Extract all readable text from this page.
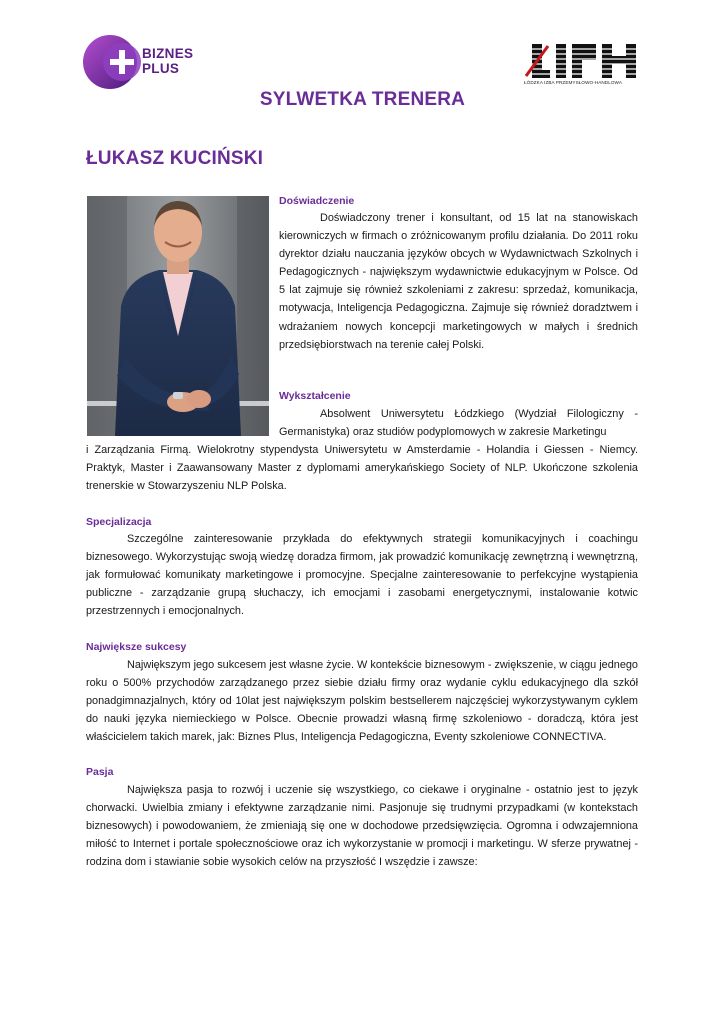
BIZNES
PLUS
ŁÓDZKA IZBA PRZEMYSŁOWO-HANDLOWA
SYLWETKA TRENERA
ŁUKASZ KUCIŃSKI
Doświadczenie
Doświadczony trener i konsultant, od 15 lat na stanowiskach kierowniczych w firmach o zróżnicowanym profilu działania. Do 2011 roku dyrektor działu nauczania języków obcych w Wydawnictwach Szkolnych i Pedagogicznych - największym wydawnictwie edukacyjnym w Polsce. Od 5 lat zajmuje się również szkoleniami z zakresu: sprzedaż, komunikacja, motywacja, Inteligencja Pedagogiczna. Zajmuje się również doradztwem i wdrażaniem nowych koncepcji marketingowych w małych i średnich przedsiębiorstwach na terenie całej Polski.
Wykształcenie
Absolwent Uniwersytetu Łódzkiego (Wydział Filologiczny - Germanistyka) oraz studiów podyplomowych w zakresie Marketingu
i Zarządzania Firmą. Wielokrotny stypendysta Uniwersytetu w Amsterdamie - Holandia i Giessen - Niemcy. Praktyk, Master i Zaawansowany Master z dyplomami amerykańskiego Society of NLP. Ukończone szkolenia trenerskie w Stowarzyszeniu NLP Polska.
Specjalizacja
Szczególne zainteresowanie przykłada do efektywnych strategii komunikacyjnych i coachingu biznesowego. Wykorzystując swoją wiedzę doradza firmom, jak prowadzić komunikację zewnętrzną i wewnętrzną, jak formułować komunikaty marketingowe i promocyjne. Specjalne zainteresowanie to perfekcyjne wystąpienia publiczne - zarządzanie grupą słuchaczy, ich emocjami i zasobami energetycznymi, instalowanie kotwic przestrzennych i emocjonalnych.
Największe sukcesy
Największym jego sukcesem jest własne życie. W kontekście biznesowym - zwiększenie, w ciągu jednego roku o 500% przychodów zarządzanego przez siebie działu firmy oraz wydanie cyklu edukacyjnego dla szkół ponadgimnazjalnych, który od 10lat jest największym polskim bestsellerem najczęściej wykorzystywanym cyklem do nauki języka niemieckiego w Polsce. Obecnie prowadzi własną firmę szkoleniowo - doradczą, która jest właścicielem takich marek, jak: Biznes Plus, Inteligencja Pedagogiczna, Eventy szkoleniowe CONNECTIVA.
Pasja
Największa pasja to rozwój i uczenie się wszystkiego, co ciekawe i oryginalne - ostatnio jest to język chorwacki. Uwielbia zmiany i efektywne zarządzanie nimi. Pasjonuje się trudnymi przypadkami (w kontekstach biznesowych) i powodowaniem, że zmieniają się one w dochodowe przedsięwzięcia. Ogromna i odwzajemniona miłość to Internet i portale społecznościowe oraz ich wykorzystanie w promocji i marketingu. W sferze prywatnej - rodzina dom i stawianie sobie wysokich celów na przyszłość I wszędzie i zawsze:
